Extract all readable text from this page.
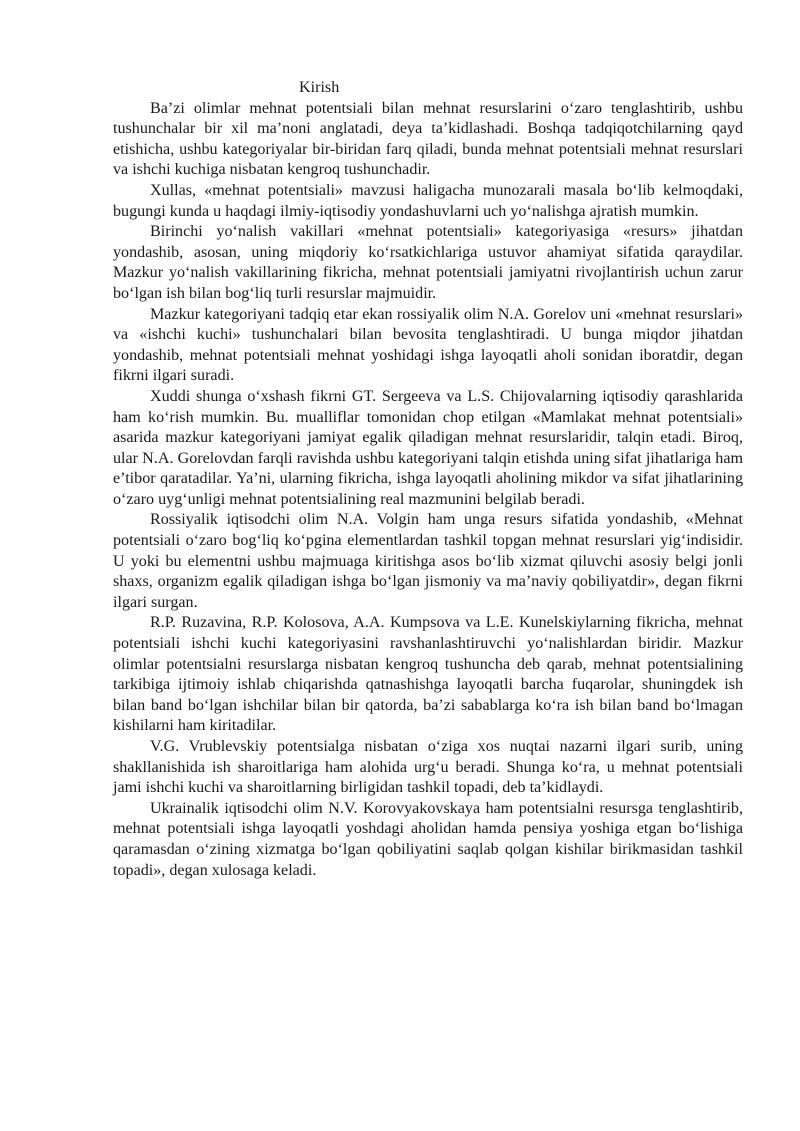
Kirish

Ba’zi olimlar mehnat potentsiali bilan mehnat resurslarini o‘zaro tenglashtirib, ushbu tushunchalar bir xil ma’noni anglatadi, deya ta’kidlashadi. Boshqa tadqiqotchilarning qayd etishicha, ushbu kategoriyalar bir-biridan farq qiladi, bunda mehnat potentsiali mehnat resurslari va ishchi kuchiga nisbatan kengroq tushunchadir.

Xullas, «mehnat potentsiali» mavzusi haligacha munozarali masala bo‘lib kelmoqdaki, bugungi kunda u haqdagi ilmiy-iqtisodiy yondashuvlarni uch yo‘nalishga ajratish mumkin.

Birinchi yo‘nalish vakillari «mehnat potentsiali» kategoriyasiga «resurs» jihatdan yondashib, asosan, uning miqdoriy ko‘rsatkichlariga ustuvor ahamiyat sifatida qaraydilar. Mazkur yo‘nalish vakillarining fikricha, mehnat potentsiali jamiyatni rivojlantirish uchun zarur bo‘lgan ish bilan bog‘liq turli resurslar majmuidir.

Mazkur kategoriyani tadqiq etar ekan rossiyalik olim N.A. Gorelov uni «mehnat resurslari» va «ishchi kuchi» tushunchalari bilan bevosita tenglashtiradi. U bunga miqdor jihatdan yondashib, mehnat potentsiali mehnat yoshidagi ishga layoqatli aholi sonidan iboratdir, degan fikrni ilgari suradi.

Xuddi shunga o‘xshash fikrni GT. Sergeeva va L.S. Chijovalarning iqtisodiy qarashlarida ham ko‘rish mumkin. Bu. mualliflar tomonidan chop etilgan «Mamlakat mehnat potentsiali» asarida mazkur kategoriyani jamiyat egalik qiladigan mehnat resurslaridir, talqin etadi. Biroq, ular N.A. Gorelovdan farqli ravishda ushbu kategoriyani talqin etishda uning sifat jihatlariga ham e’tibor qaratadilar. Ya’ni, ularning fikricha, ishga layoqatli aholining mikdor va sifat jihatlarining o‘zaro uyg‘unligi mehnat potentsialining real mazmunini belgilab beradi.

Rossiyalik iqtisodchi olim N.A. Volgin ham unga resurs sifatida yondashib, «Mehnat potentsiali o‘zaro bog‘liq ko‘pgina elementlardan tashkil topgan mehnat resurslari yig‘indisidir. U yoki bu elementni ushbu majmuaga kiritishga asos bo‘lib xizmat qiluvchi asosiy belgi jonli shaxs, organizm egalik qiladigan ishga bo‘lgan jismoniy va ma’naviy qobiliyatdir», degan fikrni ilgari surgan.

R.P. Ruzavina, R.P. Kolosova, A.A. Kumpsova va L.E. Kunelskiylarning fikricha, mehnat potentsiali ishchi kuchi kategoriyasini ravshanlashtiruvchi yo‘nalishlardan biridir. Mazkur olimlar potentsialni resurslarga nisbatan kengroq tushuncha deb qarab, mehnat potentsialining tarkibiga ijtimoiy ishlab chiqarishda qatnashishga layoqatli barcha fuqarolar, shuningdek ish bilan band bo‘lgan ishchilar bilan bir qatorda, ba’zi sabablarga ko‘ra ish bilan band bo‘lmagan kishilarni ham kiritadilar.

V.G. Vrublevskiy potentsialga nisbatan o‘ziga xos nuqtai nazarni ilgari surib, uning shakllanishida ish sharoitlariga ham alohida urg‘u beradi. Shunga ko‘ra, u mehnat potentsiali jami ishchi kuchi va sharoitlarning birligidan tashkil topadi, deb ta’kidlaydi.

Ukrainalik iqtisodchi olim N.V. Korovyakovskaya ham potentsialni resursga tenglashtirib, mehnat potentsiali ishga layoqatli yoshdagi aholidan hamda pensiya yoshiga etgan bo‘lishiga qaramasdan o‘zining xizmatga bo‘lgan qobiliyatini saqlab qolgan kishilar birikmasidan tashkil topadi», degan xulosaga keladi.
